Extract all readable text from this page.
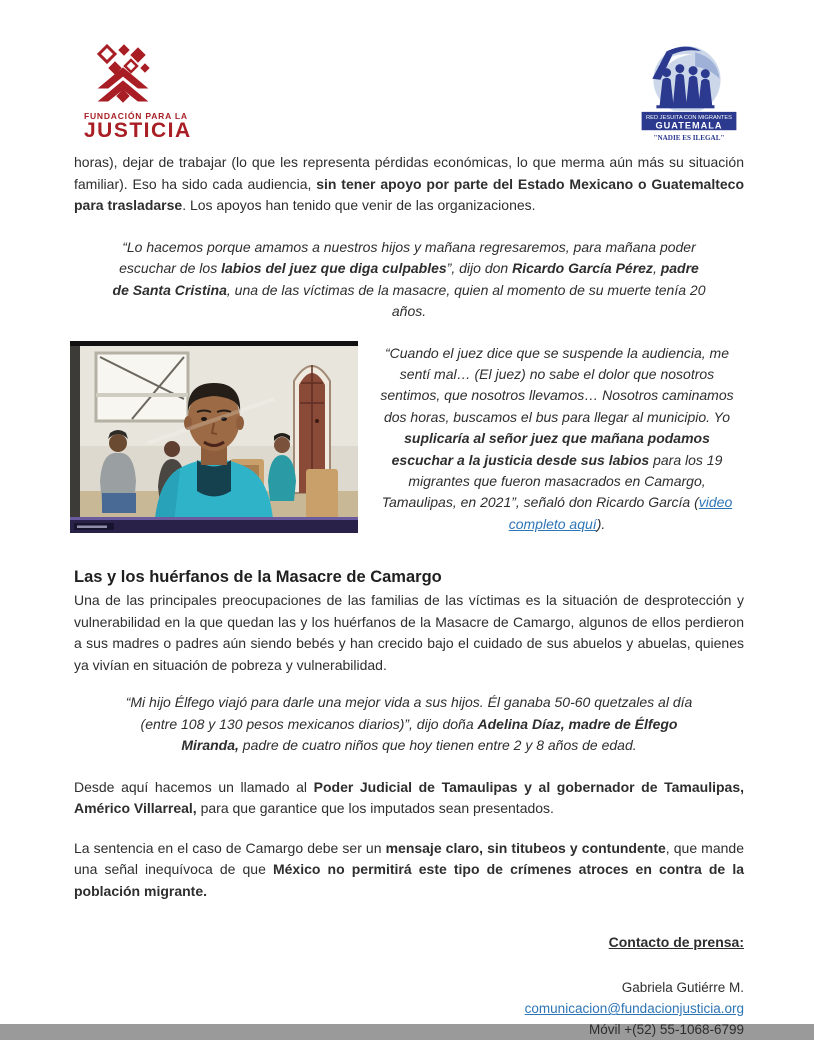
FUNDACIÓN PARA LA
JUSTICIA
RED JESUITA CON MIGRANTES
GUATEMALA
"NADIE ES ILEGAL"

horas), dejar de trabajar (lo que les representa pérdidas económicas, lo que merma aún más su situación familiar). Eso ha sido cada audiencia, sin tener apoyo por parte del Estado Mexicano o Guatemalteco para trasladarse. Los apoyos han tenido que venir de las organizaciones.

“Lo hacemos porque amamos a nuestros hijos y mañana regresaremos, para mañana poder escuchar de los labios del juez que diga culpables”, dijo don Ricardo García Pérez, padre de Santa Cristina, una de las víctimas de la masacre, quien al momento de su muerte tenía 20 años.

“Cuando el juez dice que se suspende la audiencia, me sentí mal… (El juez) no sabe el dolor que nosotros sentimos, que nosotros llevamos… Nosotros caminamos dos horas, buscamos el bus para llegar al municipio. Yo suplicaría al señor juez que mañana podamos escuchar a la justicia desde sus labios para los 19 migrantes que fueron masacrados en Camargo, Tamaulipas, en 2021”, señaló don Ricardo García (video completo aquí).

Las y los huérfanos de la Masacre de Camargo

Una de las principales preocupaciones de las familias de las víctimas es la situación de desprotección y vulnerabilidad en la que quedan las y los huérfanos de la Masacre de Camargo, algunos de ellos perdieron a sus madres o padres aún siendo bebés y han crecido bajo el cuidado de sus abuelos y abuelas, quienes ya vivían en situación de pobreza y vulnerabilidad.

“Mi hijo Élfego viajó para darle una mejor vida a sus hijos. Él ganaba 50-60 quetzales al día (entre 108 y 130 pesos mexicanos diarios)”, dijo doña Adelina Díaz, madre de Élfego Miranda, padre de cuatro niños que hoy tienen entre 2 y 8 años de edad.

Desde aquí hacemos un llamado al Poder Judicial de Tamaulipas y al gobernador de Tamaulipas, Américo Villarreal, para que garantice que los imputados sean presentados.

La sentencia en el caso de Camargo debe ser un mensaje claro, sin titubeos y contundente, que mande una señal inequívoca de que México no permitirá este tipo de crímenes atroces en contra de la población migrante.

Contacto de prensa:

Gabriela Gutiérre M.

comunicacion@fundacionjusticia.org

Móvil +(52) 55-1068-6799
